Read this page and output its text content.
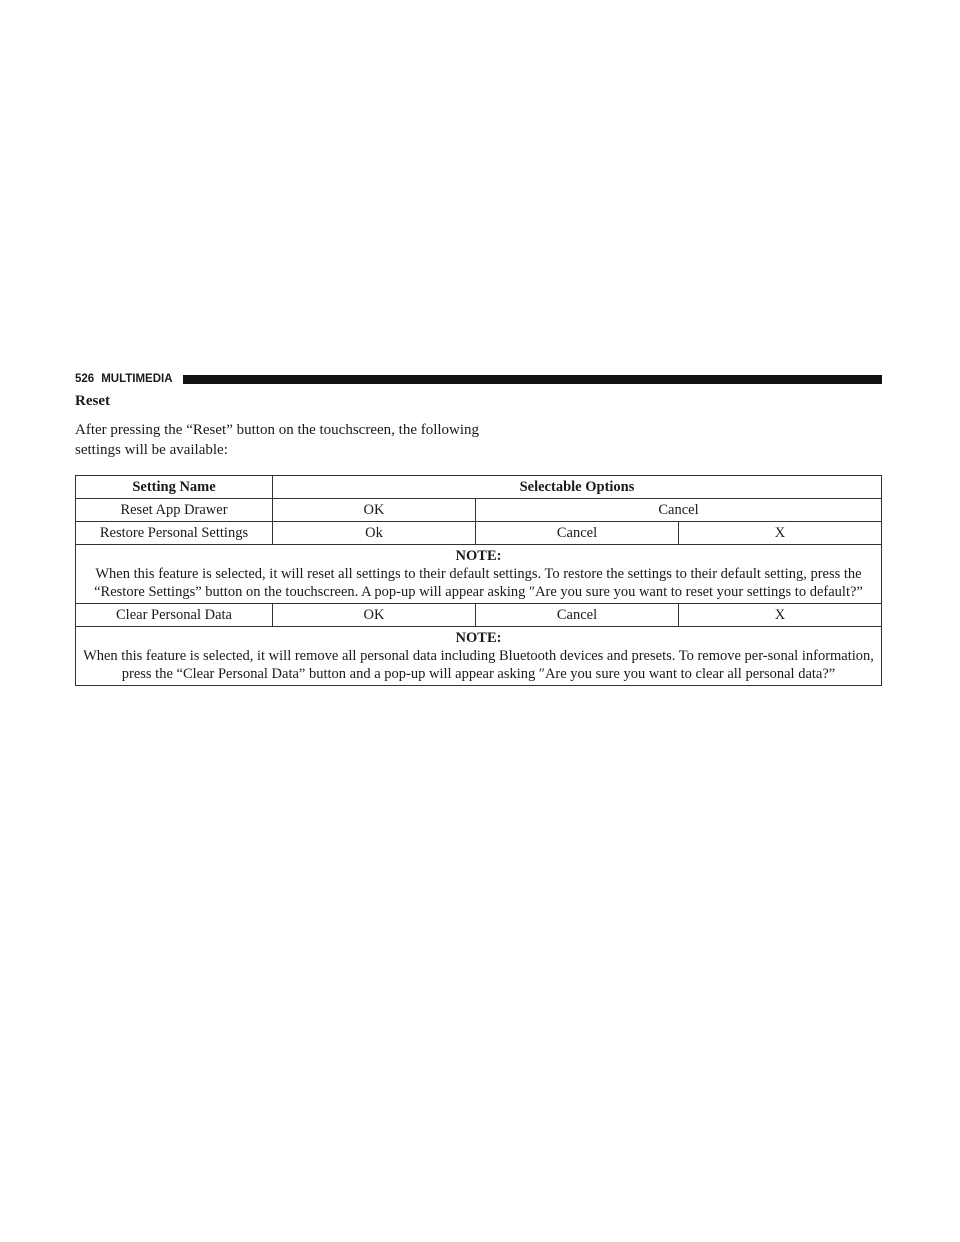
526 MULTIMEDIA
Reset
After pressing the “Reset” button on the touchscreen, the following settings will be available:
Setting Name	Selectable Options		
Reset App Drawer	OK	Cancel	
Restore Personal Settings	Ok	Cancel	X

NOTE:
When this feature is selected, it will reset all settings to their default settings. To restore the settings to their default setting, press the “Restore Settings” button on the touchscreen. A pop-up will appear asking ″Are you sure you want to reset your settings to default?”			
Clear Personal Data	OK	Cancel	X

NOTE:
When this feature is selected, it will remove all personal data including Bluetooth devices and presets. To remove per-sonal information, press the “Clear Personal Data” button and a pop-up will appear asking ″Are you sure you want to clear all personal data?”			
